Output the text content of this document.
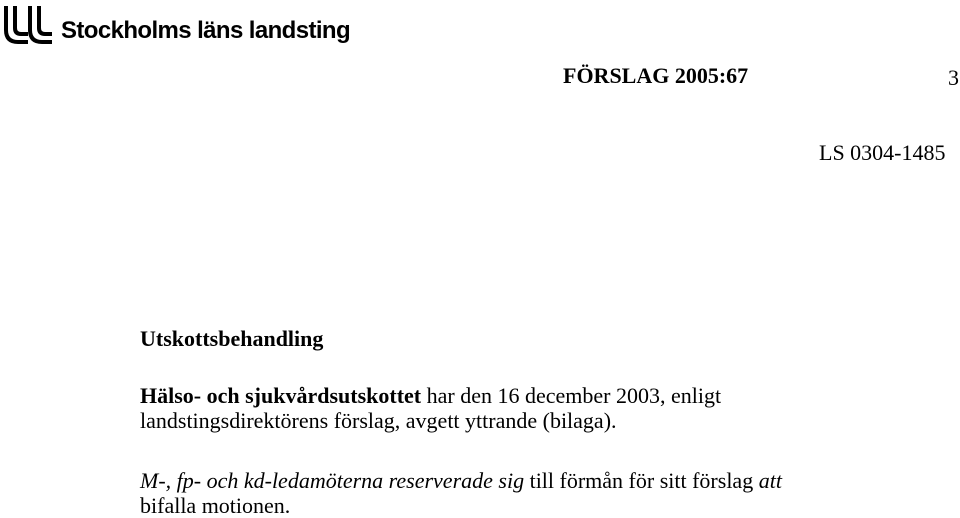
Stockholms läns landsting
FÖRSLAG 2005:67	3
LS 0304-1485
Utskottsbehandling

Hälso- och sjukvårdsutskottet har den 16 december 2003, enligt
landstingsdirektörens förslag, avgett yttrande (bilaga).

M-, fp- och kd-ledamöterna reserverade sig till förmån för sitt förslag att
bifalla motionen.
